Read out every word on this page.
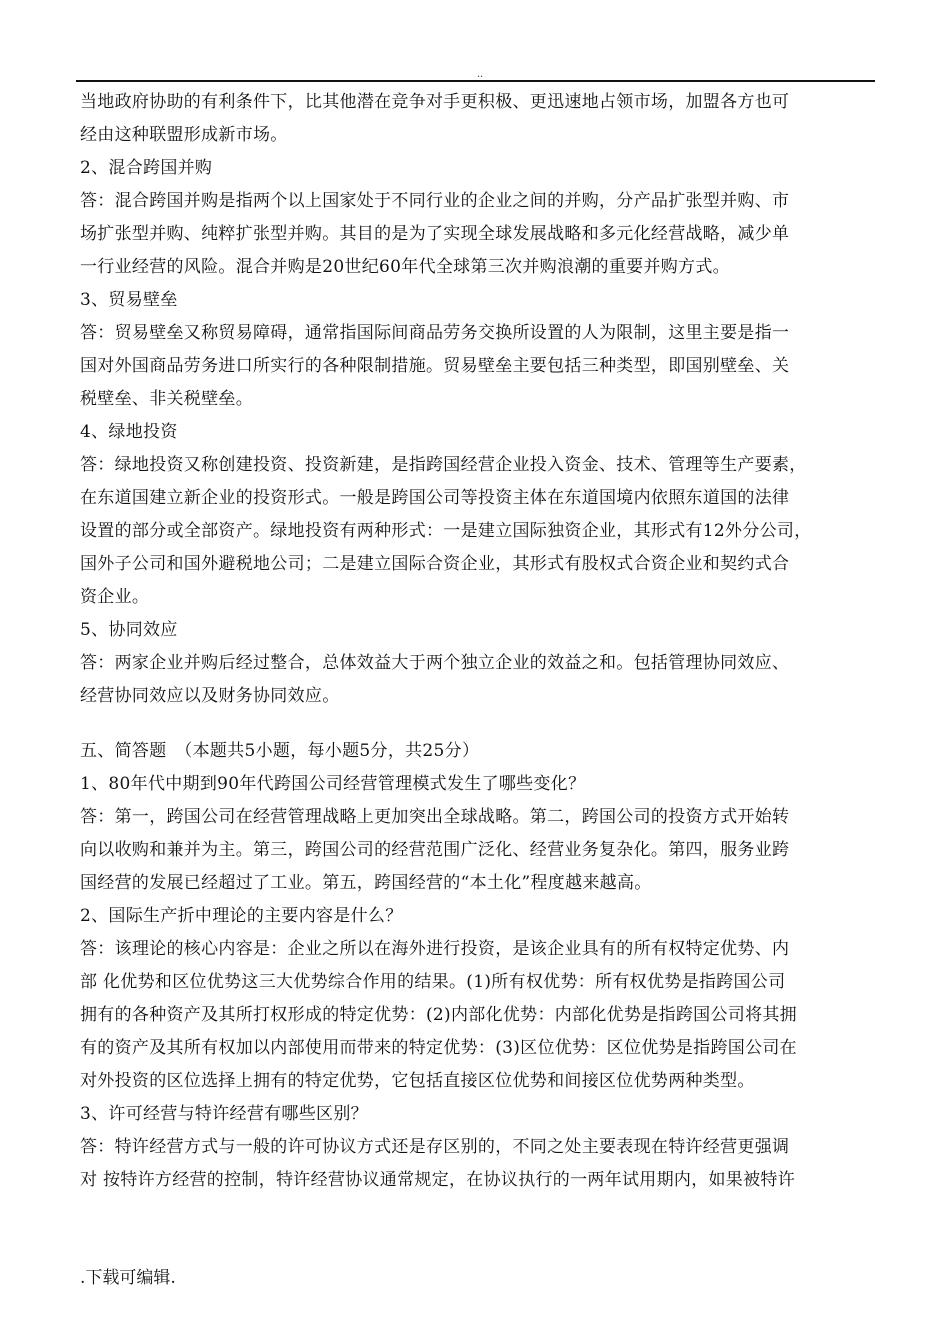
..

当地政府协助的有利条件下，比其他潜在竞争对手更积极、更迅速地占领市场，加盟各方也可

经由这种联盟形成新市场。

2、混合跨国并购

答：混合跨国并购是指两个以上国家处于不同行业的企业之间的并购，分产品扩张型并购、市

场扩张型并购、纯粹扩张型并购。其目的是为了实现全球发展战略和多元化经营战略，减少单

一行业经营的风险。混合并购是20世纪60年代全球第三次并购浪潮的重要并购方式。

3、贸易壁垒

答：贸易壁垒又称贸易障碍，通常指国际间商品劳务交换所设置的人为限制，这里主要是指一

国对外国商品劳务进口所实行的各种限制措施。贸易壁垒主要包括三种类型，即国别壁垒、关

税壁垒、非关税壁垒。

4、绿地投资

答：绿地投资又称创建投资、投资新建，是指跨国经营企业投入资金、技术、管理等生产要素，

在东道国建立新企业的投资形式。一般是跨国公司等投资主体在东道国境内依照东道国的法律

设置的部分或全部资产。绿地投资有两种形式：一是建立国际独资企业，其形式有12外分公司，

国外子公司和国外避税地公司；二是建立国际合资企业，其形式有股权式合资企业和契约式合

资企业。

5、协同效应

答：两家企业并购后经过整合，总体效益大于两个独立企业的效益之和。包括管理协同效应、

经营协同效应以及财务协同效应。

五、简答题　（本题共5小题，每小题5分，共25分）

1、80年代中期到90年代跨国公司经营管理模式发生了哪些变化？

答：第一，跨国公司在经营管理战略上更加突出全球战略。第二，跨国公司的投资方式开始转

向以收购和兼并为主。第三，跨国公司的经营范围广泛化、经营业务复杂化。第四，服务业跨

国经营的发展已经超过了工业。第五，跨国经营的“本土化”程度越来越高。

2、国际生产折中理论的主要内容是什么？

答：该理论的核心内容是：企业之所以在海外进行投资，是该企业具有的所有权特定优势、内

部 化优势和区位优势这三大优势综合作用的结果。(1)所有权优势：所有权优势是指跨国公司

拥有的各种资产及其所打权形成的特定优势：(2)内部化优势：内部化优势是指跨国公司将其拥

有的资产及其所有权加以内部使用而带来的特定优势：(3)区位优势：区位优势是指跨国公司在

对外投资的区位选择上拥有的特定优势，它包括直接区位优势和间接区位优势两种类型。

3、许可经营与特许经营有哪些区别？

答：特许经营方式与一般的许可协议方式还是存区别的，不同之处主要表现在特许经营更强调

对 按特许方经营的控制，特许经营协议通常规定，在协议执行的一两年试用期内，如果被特许

.下载可编辑.
